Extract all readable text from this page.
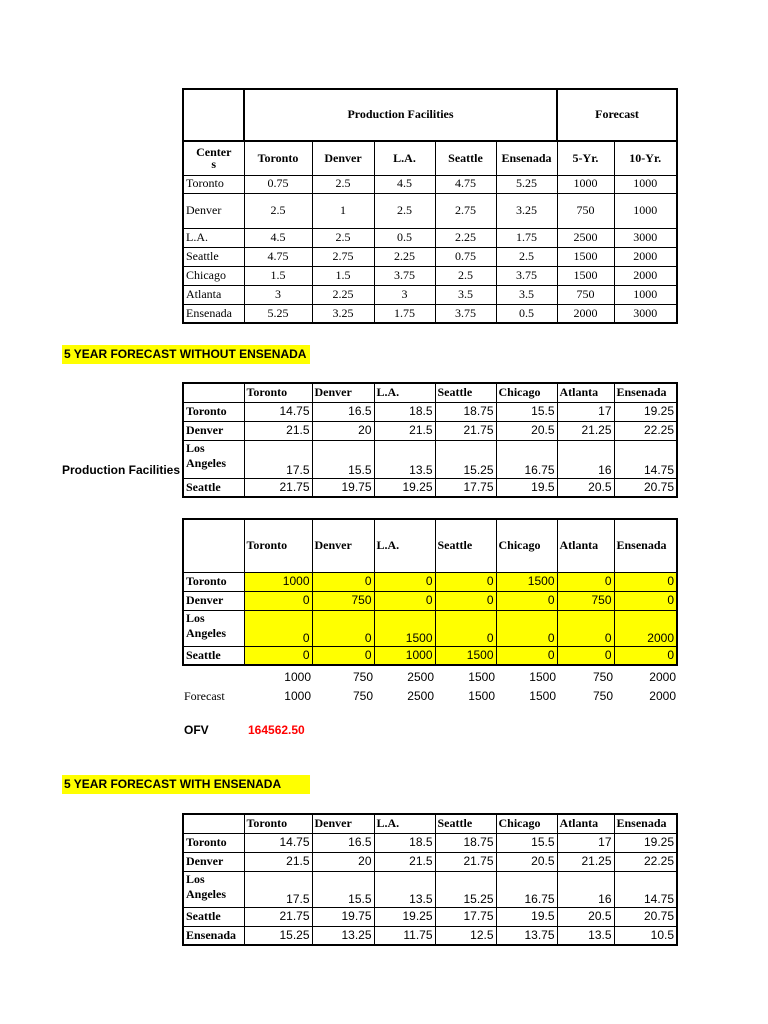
	Production Facilities					Forecast	
Center
s	Toronto	Denver	L.A.	Seattle	Ensenada	5-Yr.	10-Yr.
Toronto	0.75	2.5	4.5	4.75	5.25	1000	1000
Denver	2.5	1	2.5	2.75	3.25	750	1000
L.A.	4.5	2.5	0.5	2.25	1.75	2500	3000
Seattle	4.75	2.75	2.25	0.75	2.5	1500	2000
Chicago	1.5	1.5	3.75	2.5	3.75	1500	2000
Atlanta	3	2.25	3	3.5	3.5	750	1000
Ensenada	5.25	3.25	1.75	3.75	0.5	2000	3000
5 YEAR FORECAST WITHOUT ENSENADA
Production Facilities
	Toronto	Denver	L.A.	Seattle	Chicago	Atlanta	Ensenada
Toronto	14.75	16.5	18.5	18.75	15.5	17	19.25
Denver	21.5	20	21.5	21.75	20.5	21.25	22.25
Los
Angeles	17.5	15.5	13.5	15.25	16.75	16	14.75
Seattle	21.75	19.75	19.25	17.75	19.5	20.5	20.75
	Toronto	Denver	L.A.	Seattle	Chicago	Atlanta	Ensenada
Toronto	1000	0	0	0	1500	0	0
Denver	0	750	0	0	0	750	0
Los
Angeles	0	0	1500	0	0	0	2000
Seattle	0	0	1000	1500	0	0	0
	1000	750	2500	1500	1500	750	2000
Forecast	1000	750	2500	1500	1500	750	2000
OFV	164562.50
5 YEAR FORECAST WITH ENSENADA
	Toronto	Denver	L.A.	Seattle	Chicago	Atlanta	Ensenada
Toronto	14.75	16.5	18.5	18.75	15.5	17	19.25
Denver	21.5	20	21.5	21.75	20.5	21.25	22.25
Los
Angeles	17.5	15.5	13.5	15.25	16.75	16	14.75
Seattle	21.75	19.75	19.25	17.75	19.5	20.5	20.75
Ensenada	15.25	13.25	11.75	12.5	13.75	13.5	10.5
